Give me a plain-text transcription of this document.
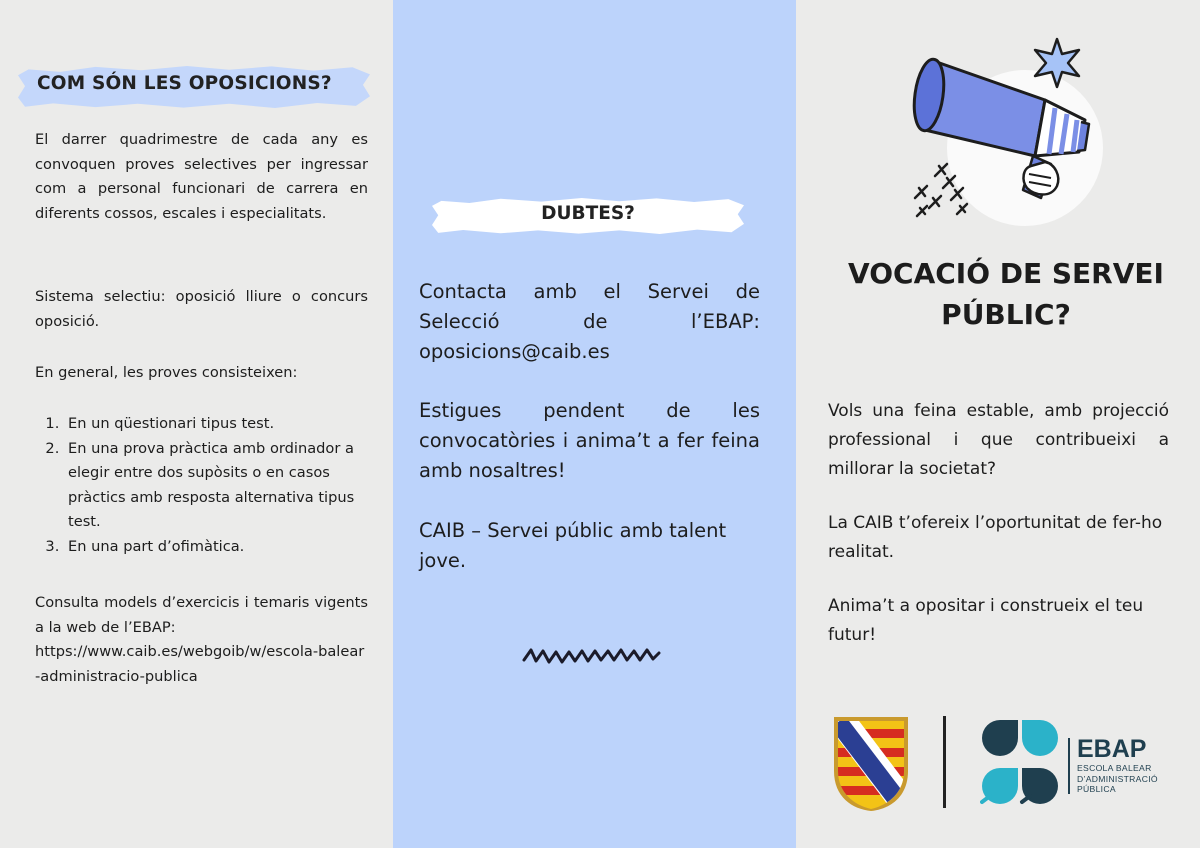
COM SÓN LES OPOSICIONS?

El darrer quadrimestre de cada any es convoquen proves selectives per ingressar com a personal funcionari de carrera en diferents cossos, escales i especialitats.

Sistema selectiu: oposició lliure o concurs oposició.

En general, les proves consisteixen:

1. En un qüestionari tipus test.
2. En una prova pràctica amb ordinador a elegir entre dos supòsits o en casos pràctics amb resposta alternativa tipus test.
3. En una part d’ofimàtica.

Consulta models d’exercicis i temaris vigents a la web de l’EBAP:

https://www.caib.es/webgoib/w/escola-balear-administracio-publica

DUBTES?

Contacta amb el Servei de Selecció de l’EBAP: oposicions@caib.es

Estigues pendent de les convocatòries i anima’t a fer feina amb nosaltres!

CAIB – Servei públic amb talent jove.

VOCACIÓ DE SERVEI PÚBLIC?

Vols una feina estable, amb projecció professional i que contribueixi a millorar la societat?

La CAIB t’ofereix l’oportunitat de fer-ho realitat.

Anima’t a opositar i construeix el teu futur!

EBAP
ESCOLA BALEAR
D’ADMINISTRACIÓ
PÚBLICA
